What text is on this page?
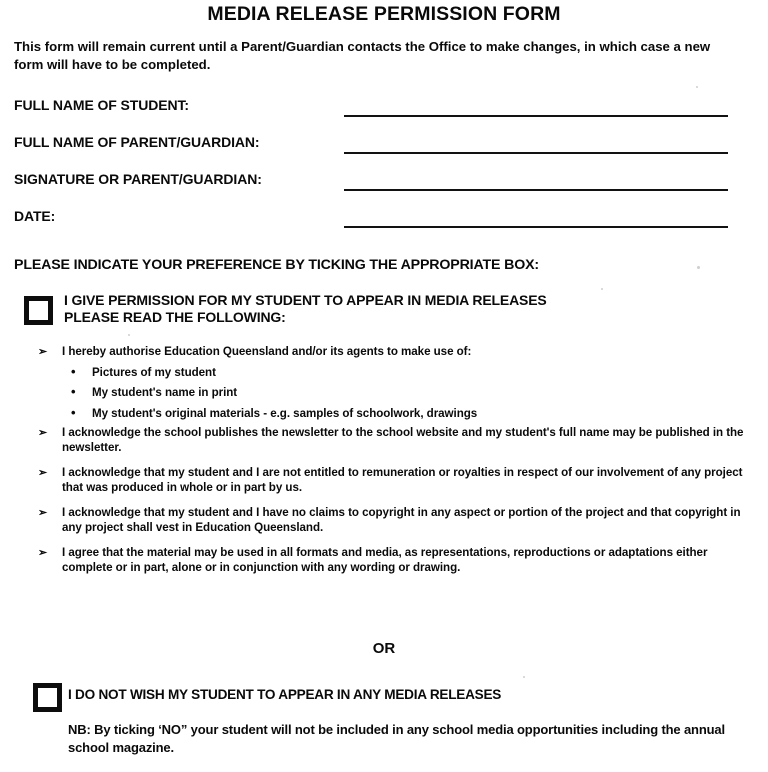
MEDIA RELEASE PERMISSION FORM
This form will remain current until a Parent/Guardian contacts the Office to make changes, in which case a new form will have to be completed.
FULL NAME OF STUDENT:
FULL NAME OF PARENT/GUARDIAN:
SIGNATURE OR PARENT/GUARDIAN:
DATE:
PLEASE INDICATE YOUR PREFERENCE BY TICKING THE APPROPRIATE BOX:
I GIVE PERMISSION FOR MY STUDENT TO APPEAR IN MEDIA RELEASES
PLEASE READ THE FOLLOWING:
➢ I hereby authorise Education Queensland and/or its agents to make use of:
• Pictures of my student
• My student's name in print
• My student's original materials - e.g. samples of schoolwork, drawings
➢ I acknowledge the school publishes the newsletter to the school website and my student's full name may be published in the newsletter.
➢ I acknowledge that my student and I are not entitled to remuneration or royalties in respect of our involvement of any project that was produced in whole or in part by us.
➢ I acknowledge that my student and I have no claims to copyright in any aspect or portion of the project and that copyright in any project shall vest in Education Queensland.
➢ I agree that the material may be used in all formats and media, as representations, reproductions or adaptations either complete or in part, alone or in conjunction with any wording or drawing.
OR
I DO NOT WISH MY STUDENT TO APPEAR IN ANY MEDIA RELEASES
NB: By ticking ‘NO” your student will not be included in any school media opportunities including the annual school magazine.
